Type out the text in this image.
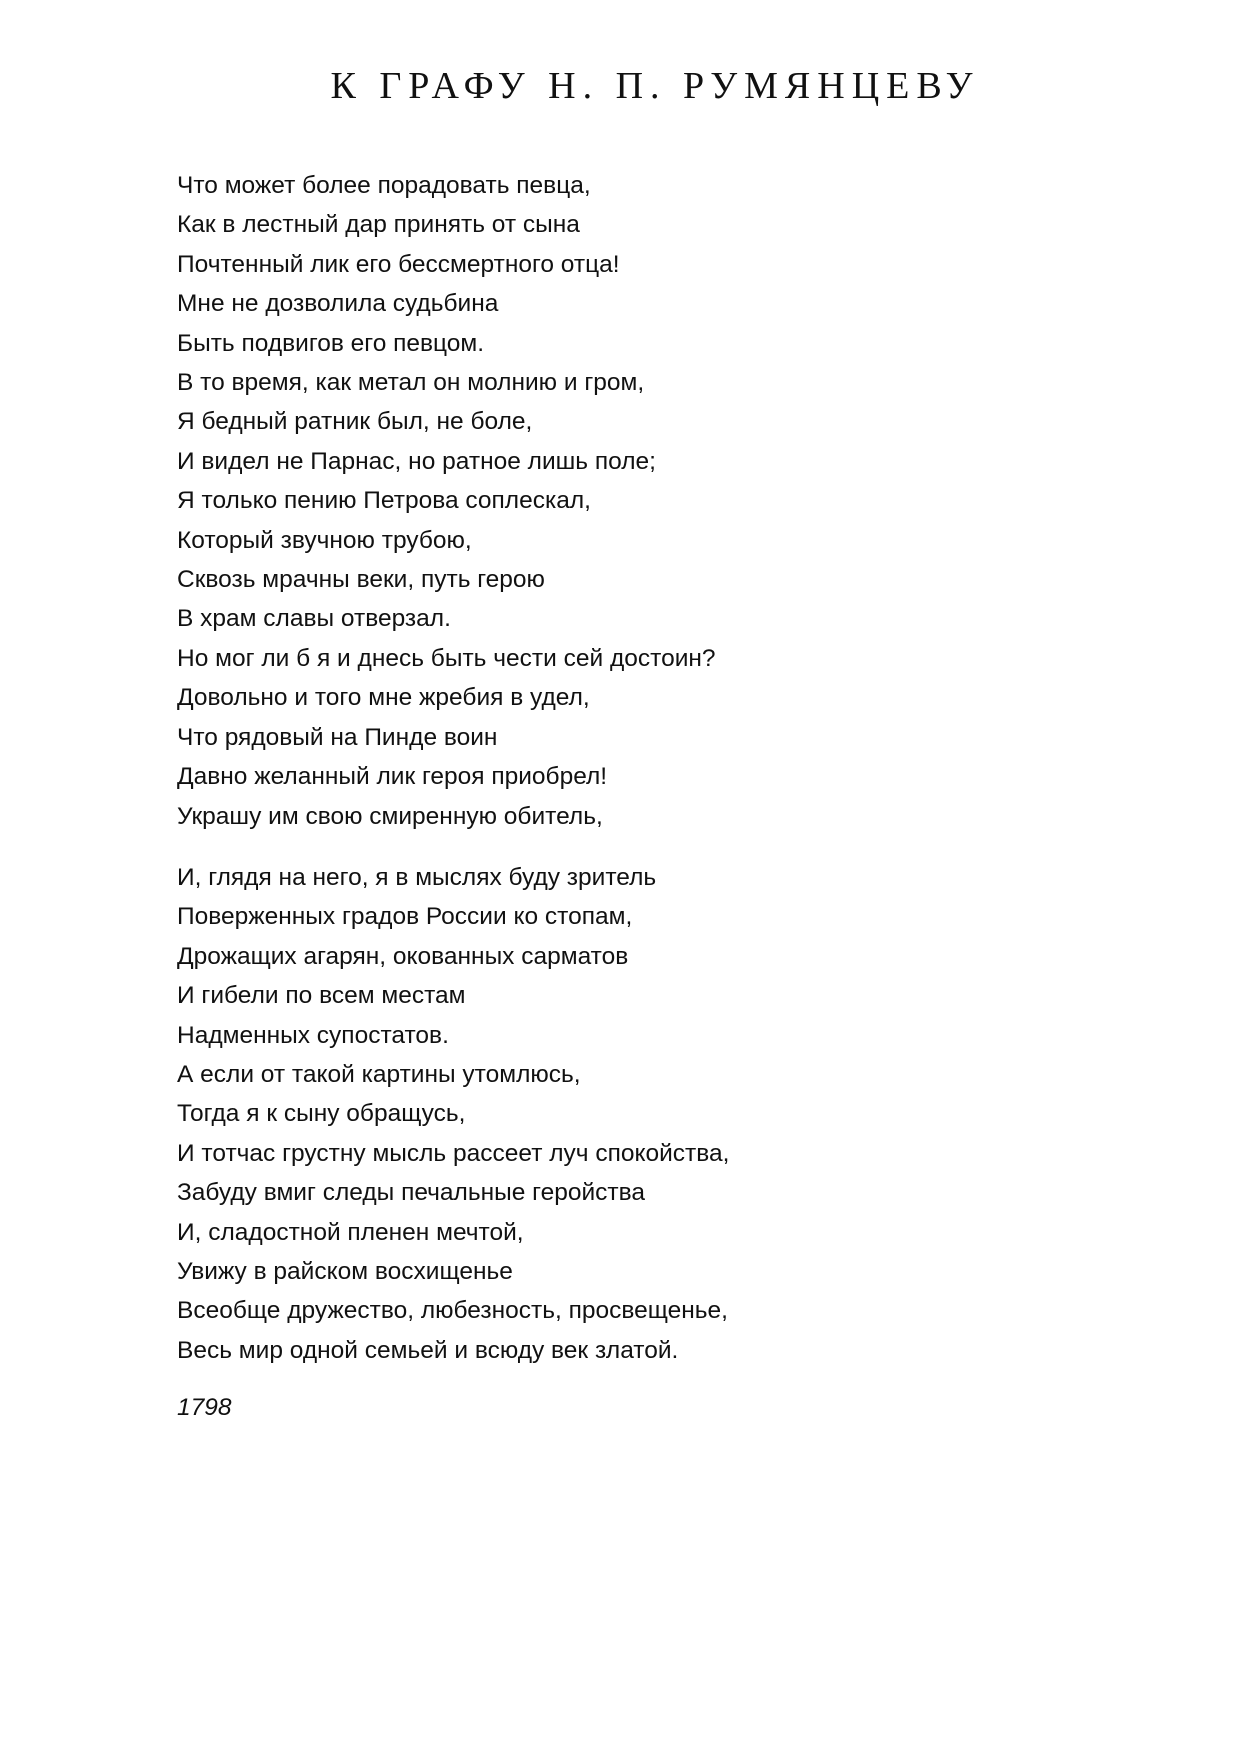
К ГРАФУ Н. П. РУМЯНЦЕВУ
Что может более порадовать певца,
Как в лестный дар принять от сына
Почтенный лик его бессмертного отца!
Мне не дозволила судьбина
Быть подвигов его певцом.
В то время, как метал он молнию и гром,
Я бедный ратник был, не боле,
И видел не Парнас, но ратное лишь поле;
Я только пению Петрова соплескал,
Который звучною трубою,
Сквозь мрачны веки, путь герою
В храм славы отверзал.
Но мог ли б я и днесь быть чести сей достоин?
Довольно и того мне жребия в удел,
Что рядовый на Пинде воин
Давно желанный лик героя приобрел!
Украшу им свою смиренную обитель,
И, глядя на него, я в мыслях буду зритель
Поверженных градов России ко стопам,
Дрожащих агарян, окованных сарматов
И гибели по всем местам
Надменных супостатов.
А если от такой картины утомлюсь,
Тогда я к сыну обращусь,
И тотчас грустну мысль рассеет луч спокойства,
Забуду вмиг следы печальные геройства
И, сладостной пленен мечтой,
Увижу в райском восхищенье
Всеобще дружество, любезность, просвещенье,
Весь мир одной семьей и всюду век златой.
1798
